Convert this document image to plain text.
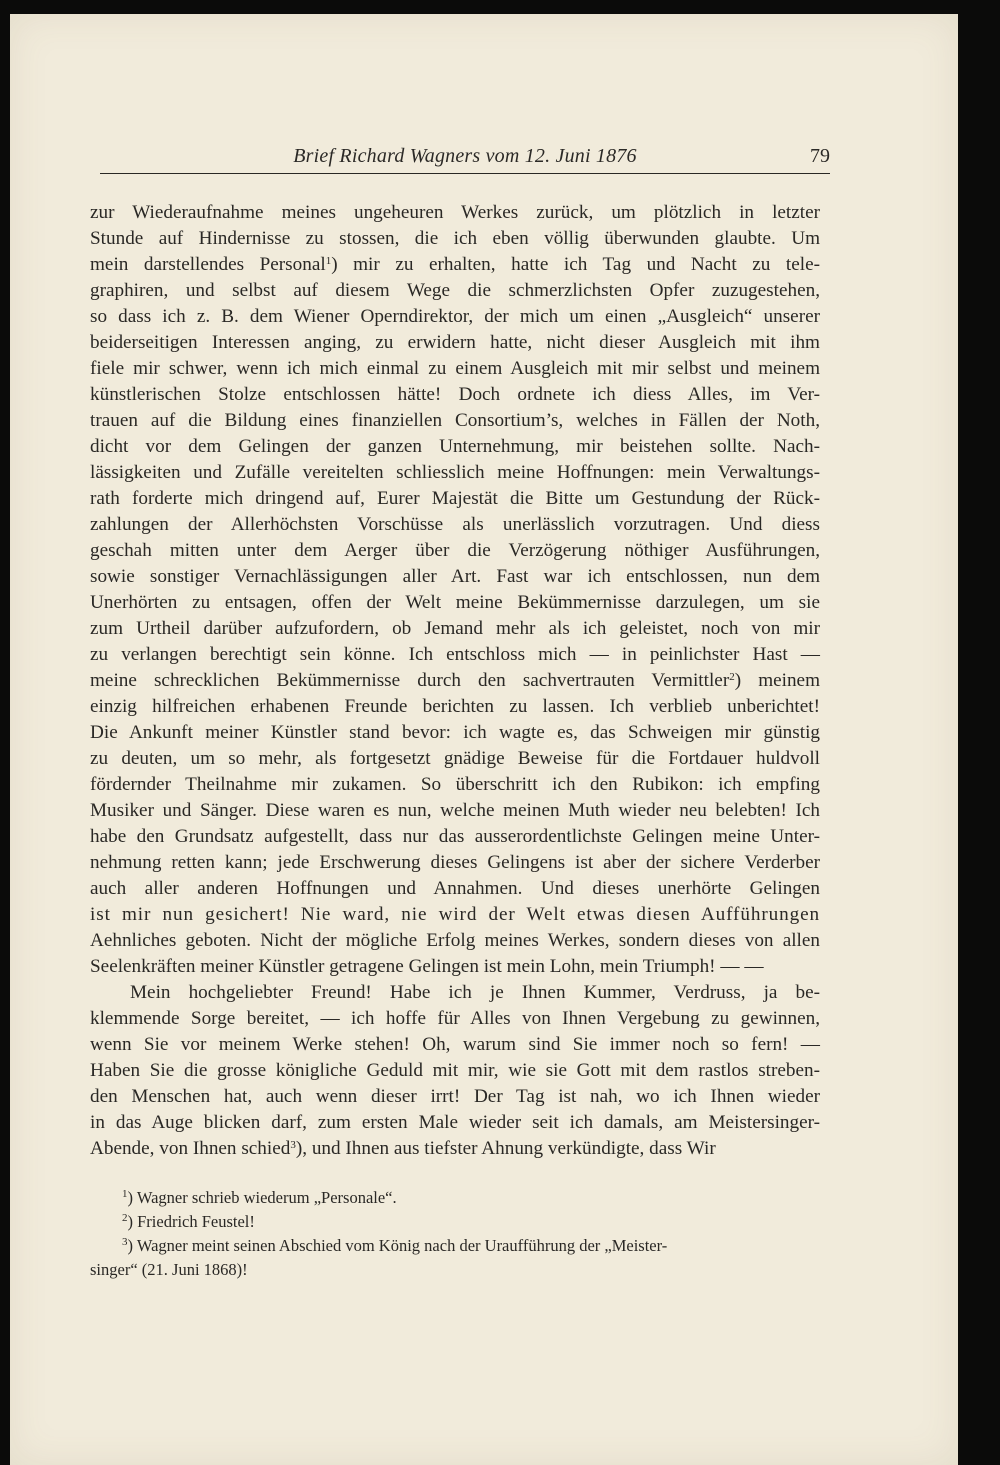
Brief Richard Wagners vom 12. Juni 1876	79
zur Wiederaufnahme meines ungeheuren Werkes zurück, um plötzlich in letzter
Stunde auf Hindernisse zu stossen, die ich eben völlig überwunden glaubte. Um
mein darstellendes Personal$^1$) mir zu erhalten, hatte ich Tag und Nacht zu tele-
graphiren, und selbst auf diesem Wege die schmerzlichsten Opfer zuzugestehen,
so dass ich z. B. dem Wiener Operndirektor, der mich um einen „Ausgleich“ unserer
beiderseitigen Interessen anging, zu erwidern hatte, nicht dieser Ausgleich mit ihm
fiele mir schwer, wenn ich mich einmal zu einem Ausgleich mit mir selbst und meinem
künstlerischen Stolze entschlossen hätte! Doch ordnete ich diess Alles, im Ver-
trauen auf die Bildung eines finanziellen Consortium’s, welches in Fällen der Noth,
dicht vor dem Gelingen der ganzen Unternehmung, mir beistehen sollte. Nach-
lässigkeiten und Zufälle vereitelten schliesslich meine Hoffnungen: mein Verwaltungs-
rath forderte mich dringend auf, Eurer Majestät die Bitte um Gestundung der Rück-
zahlungen der Allerhöchsten Vorschüsse als unerlässlich vorzutragen. Und diess
geschah mitten unter dem Aerger über die Verzögerung nöthiger Ausführungen,
sowie sonstiger Vernachlässigungen aller Art. Fast war ich entschlossen, nun dem
Unerhörten zu entsagen, offen der Welt meine Bekümmernisse darzulegen, um sie
zum Urtheil darüber aufzufordern, ob Jemand mehr als ich geleistet, noch von mir
zu verlangen berechtigt sein könne. Ich entschloss mich — in peinlichster Hast —
meine schrecklichen Bekümmernisse durch den sachvertrauten Vermittler$^2$) meinem
einzig hilfreichen erhabenen Freunde berichten zu lassen. Ich verblieb unberichtet!
Die Ankunft meiner Künstler stand bevor: ich wagte es, das Schweigen mir günstig
zu deuten, um so mehr, als fortgesetzt gnädige Beweise für die Fortdauer huldvoll
fördernder Theilnahme mir zukamen. So überschritt ich den Rubikon: ich empfing
Musiker und Sänger. Diese waren es nun, welche meinen Muth wieder neu belebten! Ich
habe den Grundsatz aufgestellt, dass nur das ausserordentlichste Gelingen meine Unter-
nehmung retten kann; jede Erschwerung dieses Gelingens ist aber der sichere Verderber
auch aller anderen Hoffnungen und Annahmen. Und dieses unerhörte Gelingen
ist mir nun gesichert! Nie ward, nie wird der Welt etwas diesen Aufführungen
Aehnliches geboten. Nicht der mögliche Erfolg meines Werkes, sondern dieses von allen
Seelenkräften meiner Künstler getragene Gelingen ist mein Lohn, mein Triumph! — —
Mein hochgeliebter Freund! Habe ich je Ihnen Kummer, Verdruss, ja be-
klemmende Sorge bereitet, — ich hoffe für Alles von Ihnen Vergebung zu gewinnen,
wenn Sie vor meinem Werke stehen! Oh, warum sind Sie immer noch so fern! —
Haben Sie die grosse königliche Geduld mit mir, wie sie Gott mit dem rastlos streben-
den Menschen hat, auch wenn dieser irrt! Der Tag ist nah, wo ich Ihnen wieder
in das Auge blicken darf, zum ersten Male wieder seit ich damals, am Meistersinger-
Abende, von Ihnen schied$^3$), und Ihnen aus tiefster Ahnung verkündigte, dass Wir
$^1$) Wagner schrieb wiederum „Personale“.
$^2$) Friedrich Feustel!
$^3$) Wagner meint seinen Abschied vom König nach der Uraufführung der „Meister-
singer“ (21. Juni 1868)!
